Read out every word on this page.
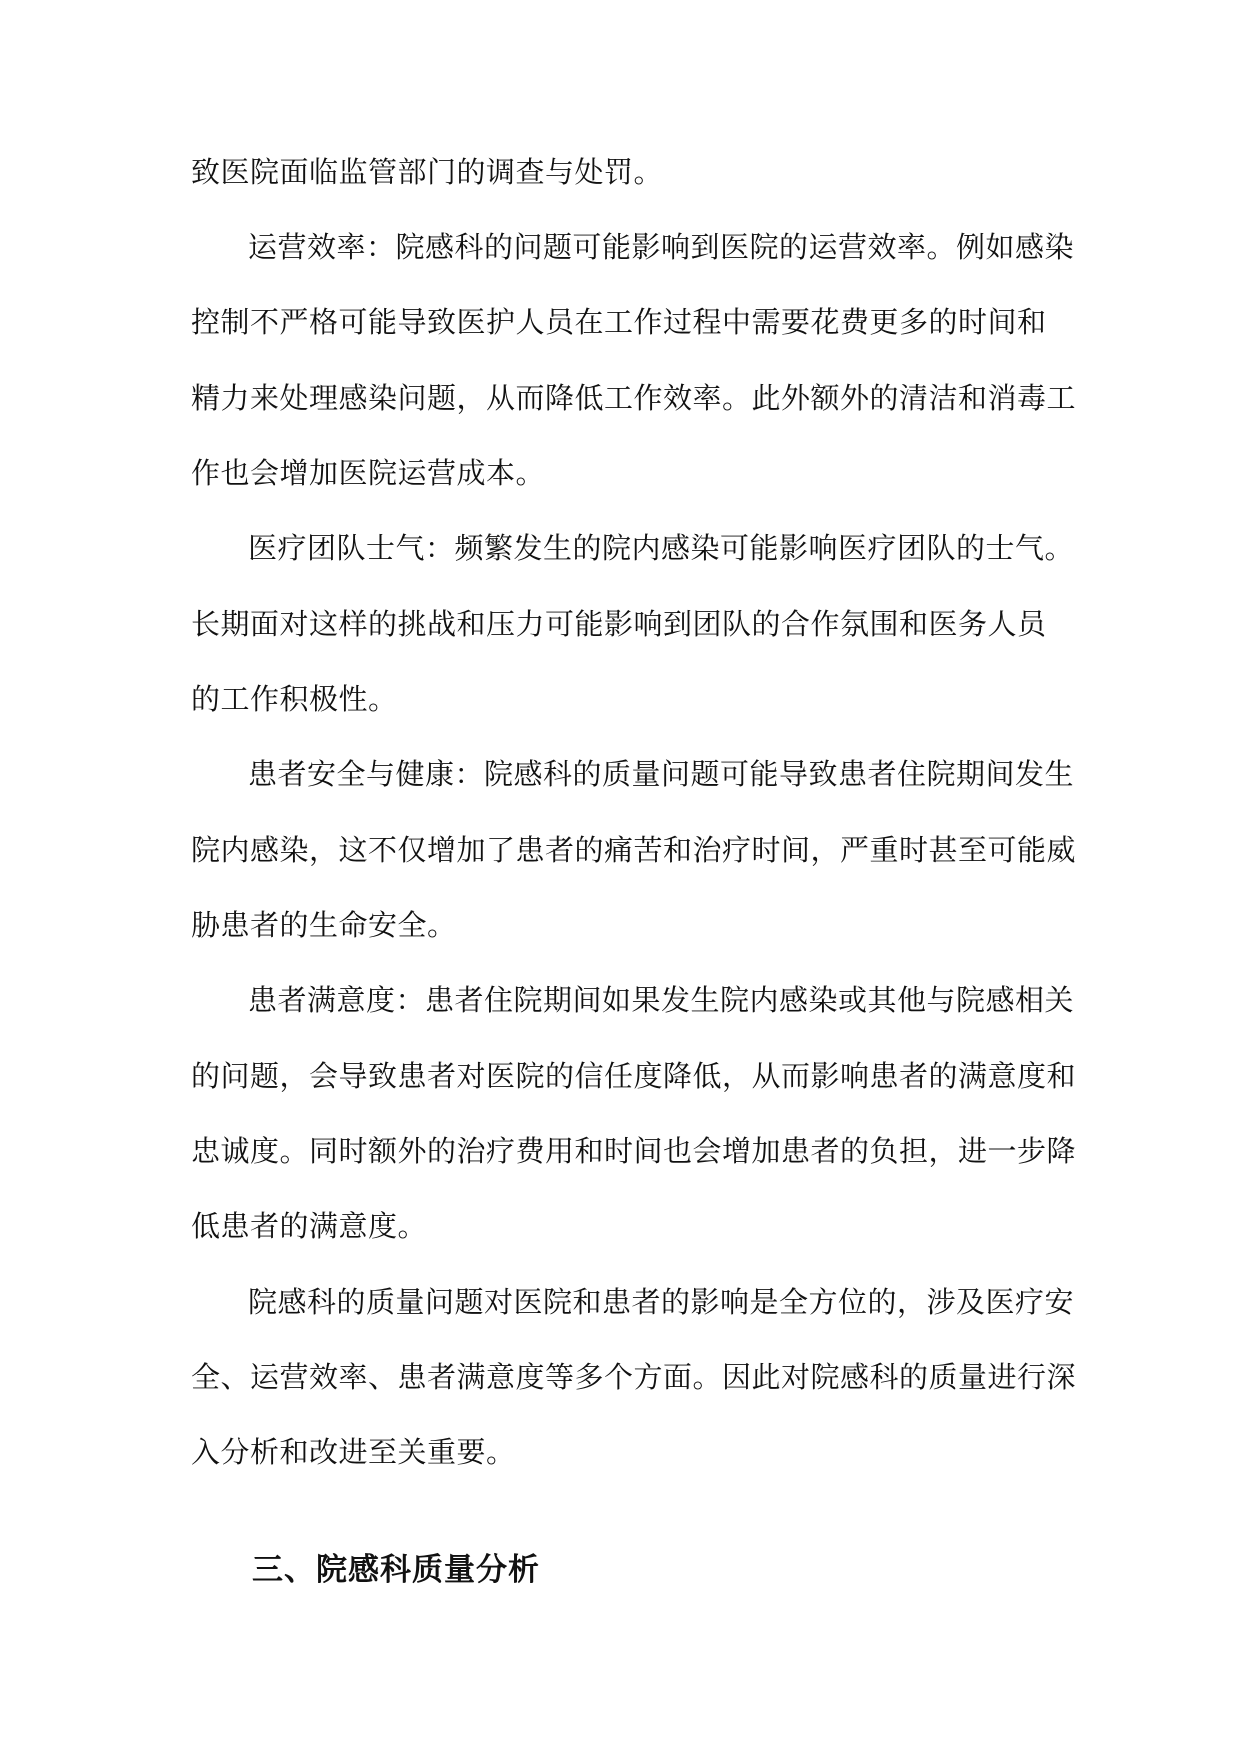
致医院面临监管部门的调查与处罚。
运营效率：院感科的问题可能影响到医院的运营效率。例如感染
控制不严格可能导致医护人员在工作过程中需要花费更多的时间和
精力来处理感染问题，从而降低工作效率。此外额外的清洁和消毒工
作也会增加医院运营成本。
医疗团队士气：频繁发生的院内感染可能影响医疗团队的士气。
长期面对这样的挑战和压力可能影响到团队的合作氛围和医务人员
的工作积极性。
患者安全与健康：院感科的质量问题可能导致患者住院期间发生
院内感染，这不仅增加了患者的痛苦和治疗时间，严重时甚至可能威
胁患者的生命安全。
患者满意度：患者住院期间如果发生院内感染或其他与院感相关
的问题，会导致患者对医院的信任度降低，从而影响患者的满意度和
忠诚度。同时额外的治疗费用和时间也会增加患者的负担，进一步降
低患者的满意度。
院感科的质量问题对医院和患者的影响是全方位的，涉及医疗安
全、运营效率、患者满意度等多个方面。因此对院感科的质量进行深
入分析和改进至关重要。
三、院感科质量分析
